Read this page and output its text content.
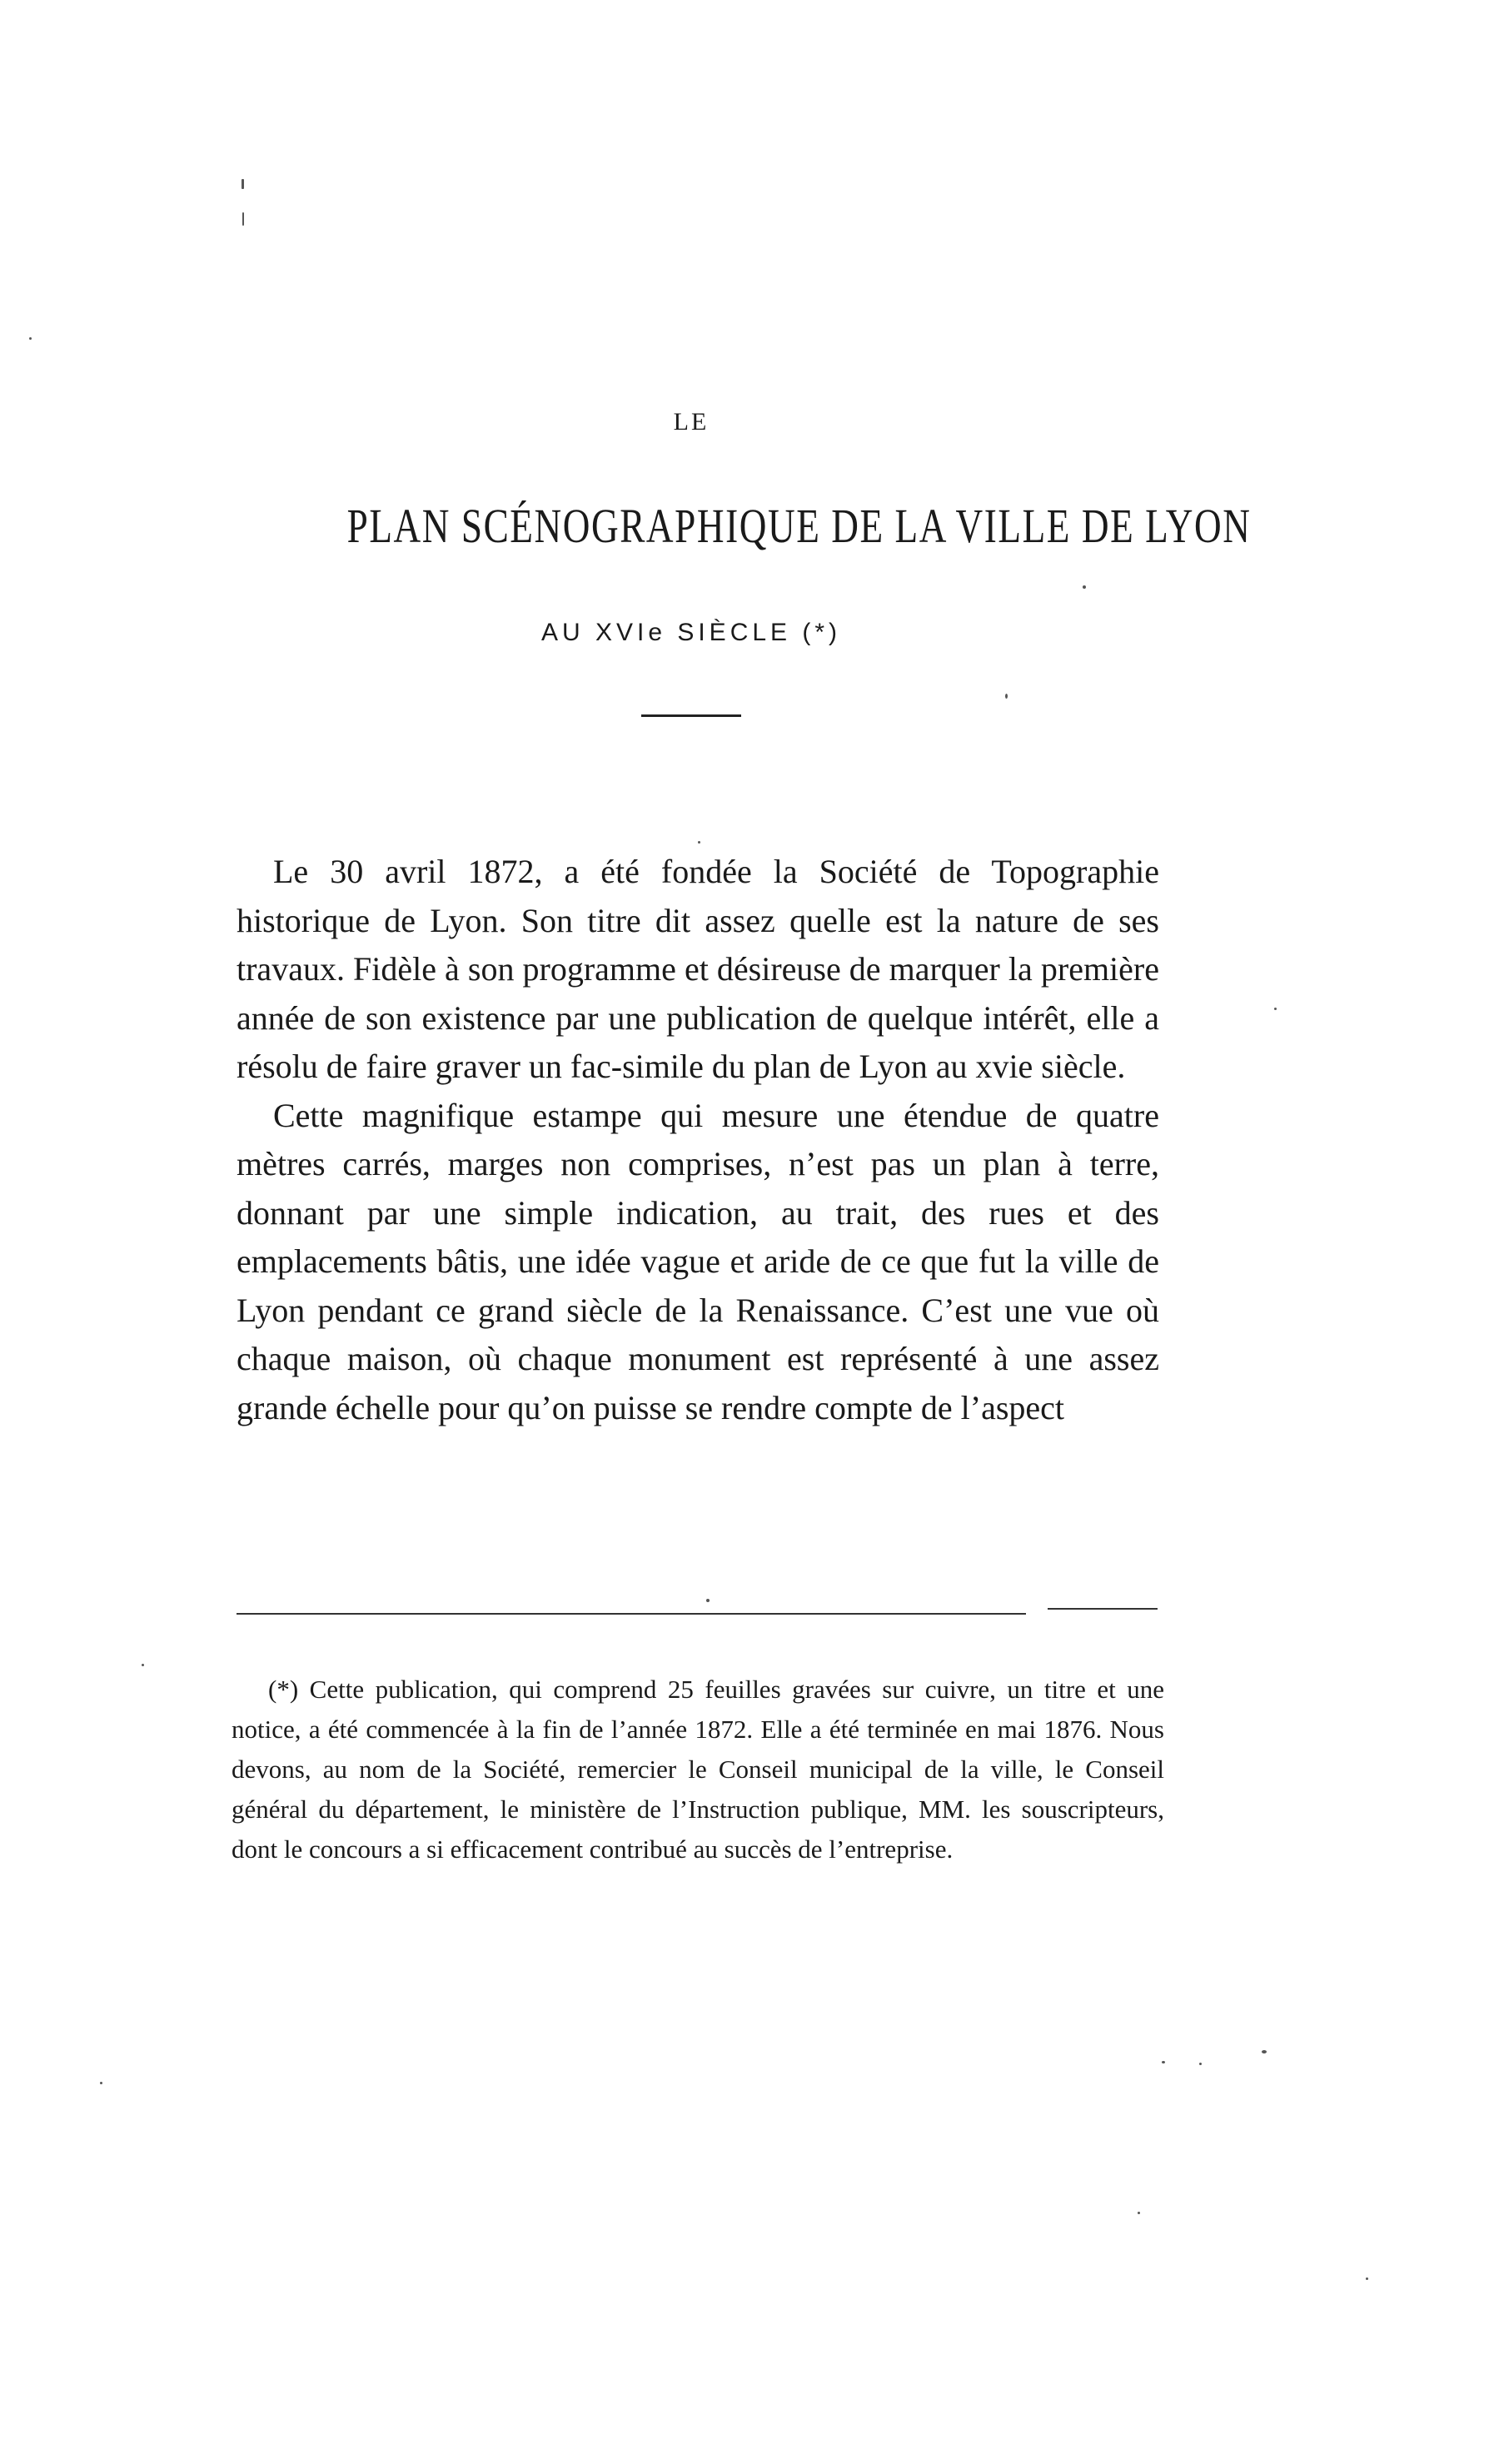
LE
PLAN SCÉNOGRAPHIQUE DE LA VILLE DE LYON
AU XVIe SIÈCLE (*)

Le 30 avril 1872, a été fondée la Société de Topographie historique de Lyon. Son titre dit assez quelle est la nature de ses travaux. Fidèle à son programme et désireuse de marquer la première année de son existence par une publication de quelque intérêt, elle a résolu de faire graver un fac-simile du plan de Lyon au xvie siècle.

Cette magnifique estampe qui mesure une étendue de quatre mètres carrés, marges non comprises, n’est pas un plan à terre, donnant par une simple indication, au trait, des rues et des emplacements bâtis, une idée vague et aride de ce que fut la ville de Lyon pendant ce grand siècle de la Renaissance. C’est une vue où chaque maison, où chaque monument est représenté à une assez grande échelle pour qu’on puisse se rendre compte de l’aspect

(*) Cette publication, qui comprend 25 feuilles gravées sur cuivre, un titre et une notice, a été commencée à la fin de l’année 1872. Elle a été terminée en mai 1876. Nous devons, au nom de la Société, remercier le Conseil municipal de la ville, le Conseil général du département, le ministère de l’Instruction publique, MM. les souscripteurs, dont le concours a si efficacement contribué au succès de l’entreprise.
